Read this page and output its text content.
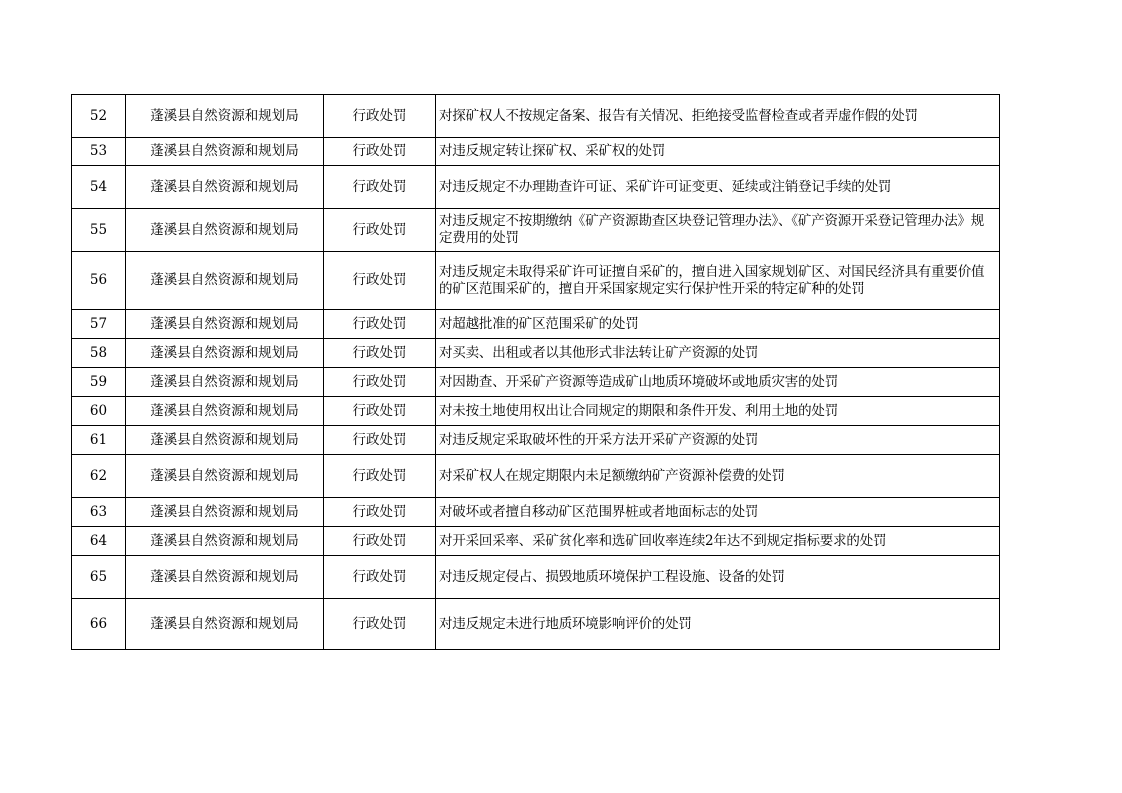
52	蓬溪县自然资源和规划局	行政处罚	对探矿权人不按规定备案、报告有关情况、拒绝接受监督检查或者弄虚作假的处罚
53	蓬溪县自然资源和规划局	行政处罚	对违反规定转让探矿权、采矿权的处罚
54	蓬溪县自然资源和规划局	行政处罚	对违反规定不办理勘查许可证、采矿许可证变更、延续或注销登记手续的处罚
55	蓬溪县自然资源和规划局	行政处罚	对违反规定不按期缴纳《矿产资源勘查区块登记管理办法》、《矿产资源开采登记管理办法》规定费用的处罚
56	蓬溪县自然资源和规划局	行政处罚	对违反规定未取得采矿许可证擅自采矿的，擅自进入国家规划矿区、对国民经济具有重要价值的矿区范围采矿的，擅自开采国家规定实行保护性开采的特定矿种的处罚
57	蓬溪县自然资源和规划局	行政处罚	对超越批准的矿区范围采矿的处罚
58	蓬溪县自然资源和规划局	行政处罚	对买卖、出租或者以其他形式非法转让矿产资源的处罚
59	蓬溪县自然资源和规划局	行政处罚	对因勘查、开采矿产资源等造成矿山地质环境破坏或地质灾害的处罚
60	蓬溪县自然资源和规划局	行政处罚	对未按土地使用权出让合同规定的期限和条件开发、利用土地的处罚
61	蓬溪县自然资源和规划局	行政处罚	对违反规定采取破坏性的开采方法开采矿产资源的处罚
62	蓬溪县自然资源和规划局	行政处罚	对采矿权人在规定期限内未足额缴纳矿产资源补偿费的处罚
63	蓬溪县自然资源和规划局	行政处罚	对破坏或者擅自移动矿区范围界桩或者地面标志的处罚
64	蓬溪县自然资源和规划局	行政处罚	对开采回采率、采矿贫化率和选矿回收率连续2年达不到规定指标要求的处罚
65	蓬溪县自然资源和规划局	行政处罚	对违反规定侵占、损毁地质环境保护工程设施、设备的处罚
66	蓬溪县自然资源和规划局	行政处罚	对违反规定未进行地质环境影响评价的处罚
